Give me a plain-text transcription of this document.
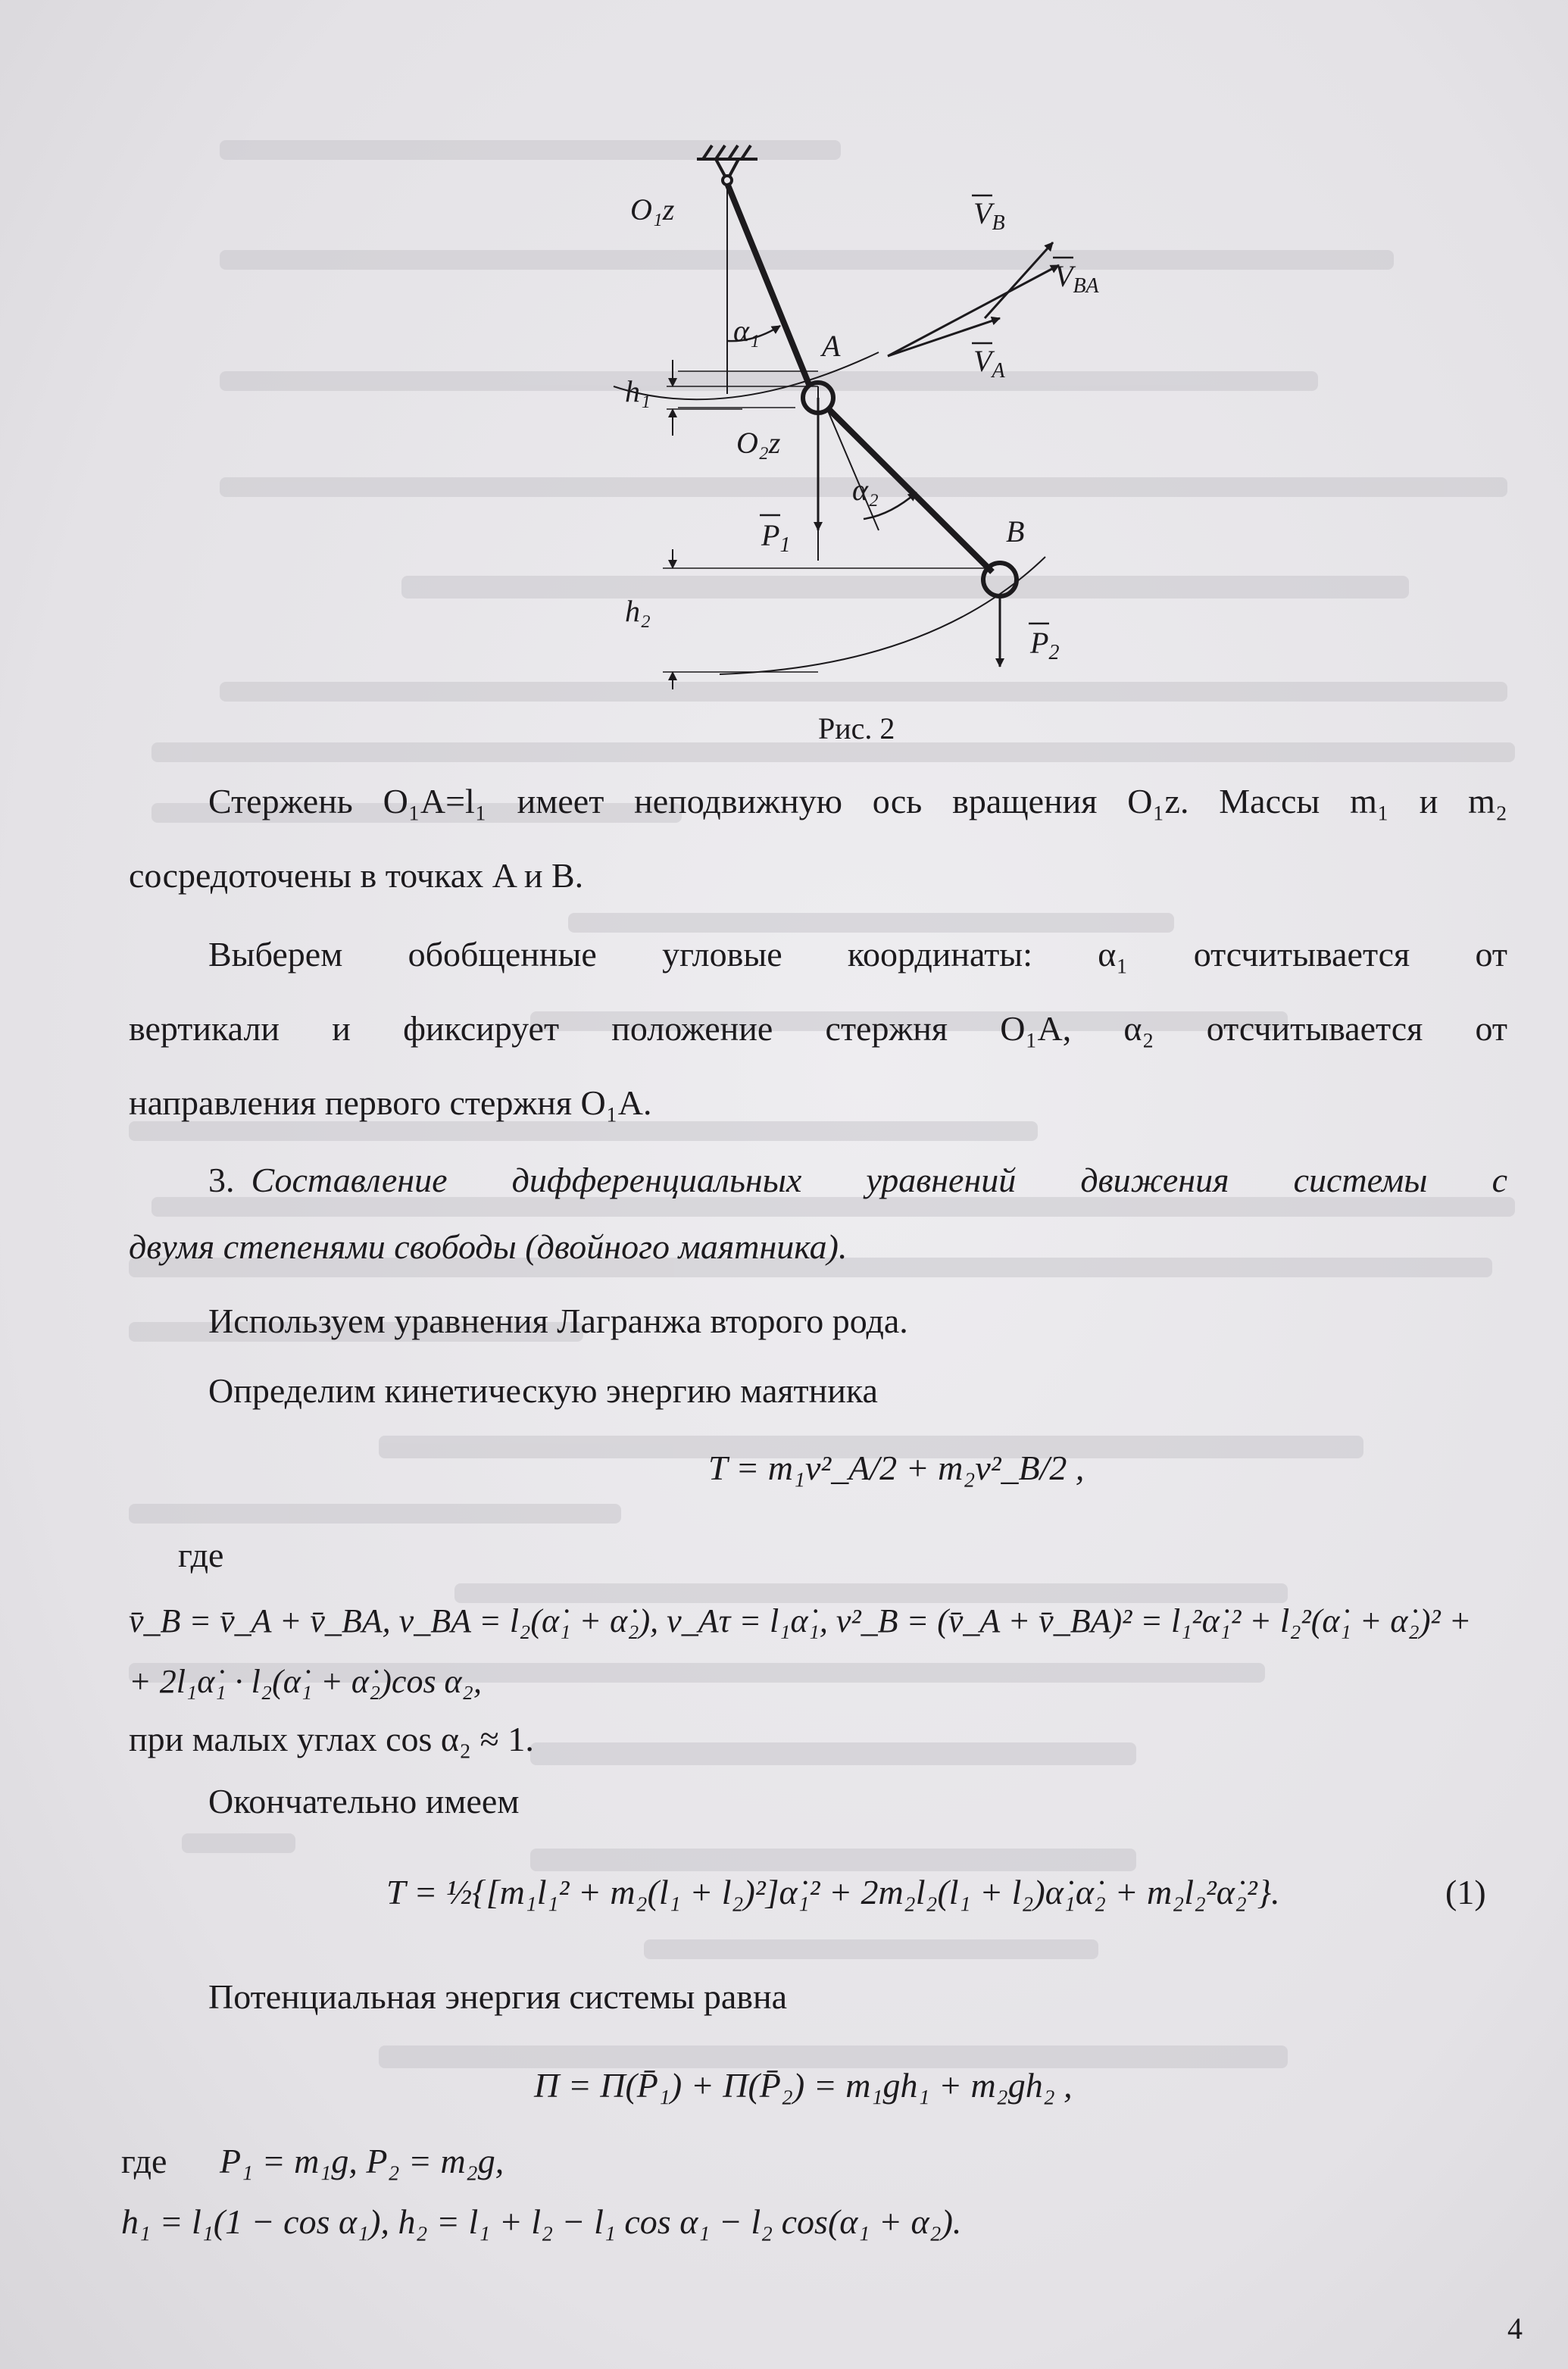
O₁z	$V_B$
$V_{BA}$
α₁ A	$V_A$
h₁
O₂z
α₂
B
$P_1$
h₂
$P_2$
Рис. 2
Стержень O₁A=l₁ имеет неподвижную ось вращения O₁z. Массы m₁ и m₂
сосредоточены в точках A и B.
Выберем обобщенные угловые координаты: α₁ отсчитывается от
вертикали и фиксирует положение стержня O₁A, α₂ отсчитывается от
направления первого стержня O₁A.
3. Составление дифференциальных уравнений движения системы с
двумя степенями свободы (двойного маятника).
Используем уравнения Лагранжа второго рода.
Определим кинетическую энергию маятника
T = m₁v²_A/2 + m₂v²_B/2 ,
где
v̄_B = v̄_A + v̄_BA, v_BA = l₂(α̇₁ + α̇₂), v_Aτ = l₁α̇₁, v²_B = (v̄_A + v̄_BA)² = l₁²α̇₁² + l₂²(α̇₁ + α̇₂)² +
+ 2l₁α̇₁ · l₂(α̇₁ + α̇₂)cos α₂,
при малых углах cos α₂ ≈ 1.
Окончательно имеем
T = ½{[m₁l₁² + m₂(l₁ + l₂)²]α̇₁² + 2m₂l₂(l₁ + l₂)α̇₁α̇₂ + m₂l₂²α̇₂²}.	(1)
Потенциальная энергия системы равна
Π = Π(P̄₁) + Π(P̄₂) = m₁gh₁ + m₂gh₂ ,
где P₁ = m₁g, P₂ = m₂g,
h₁ = l₁(1 − cos α₁), h₂ = l₁ + l₂ − l₁ cos α₁ − l₂ cos(α₁ + α₂).
4
